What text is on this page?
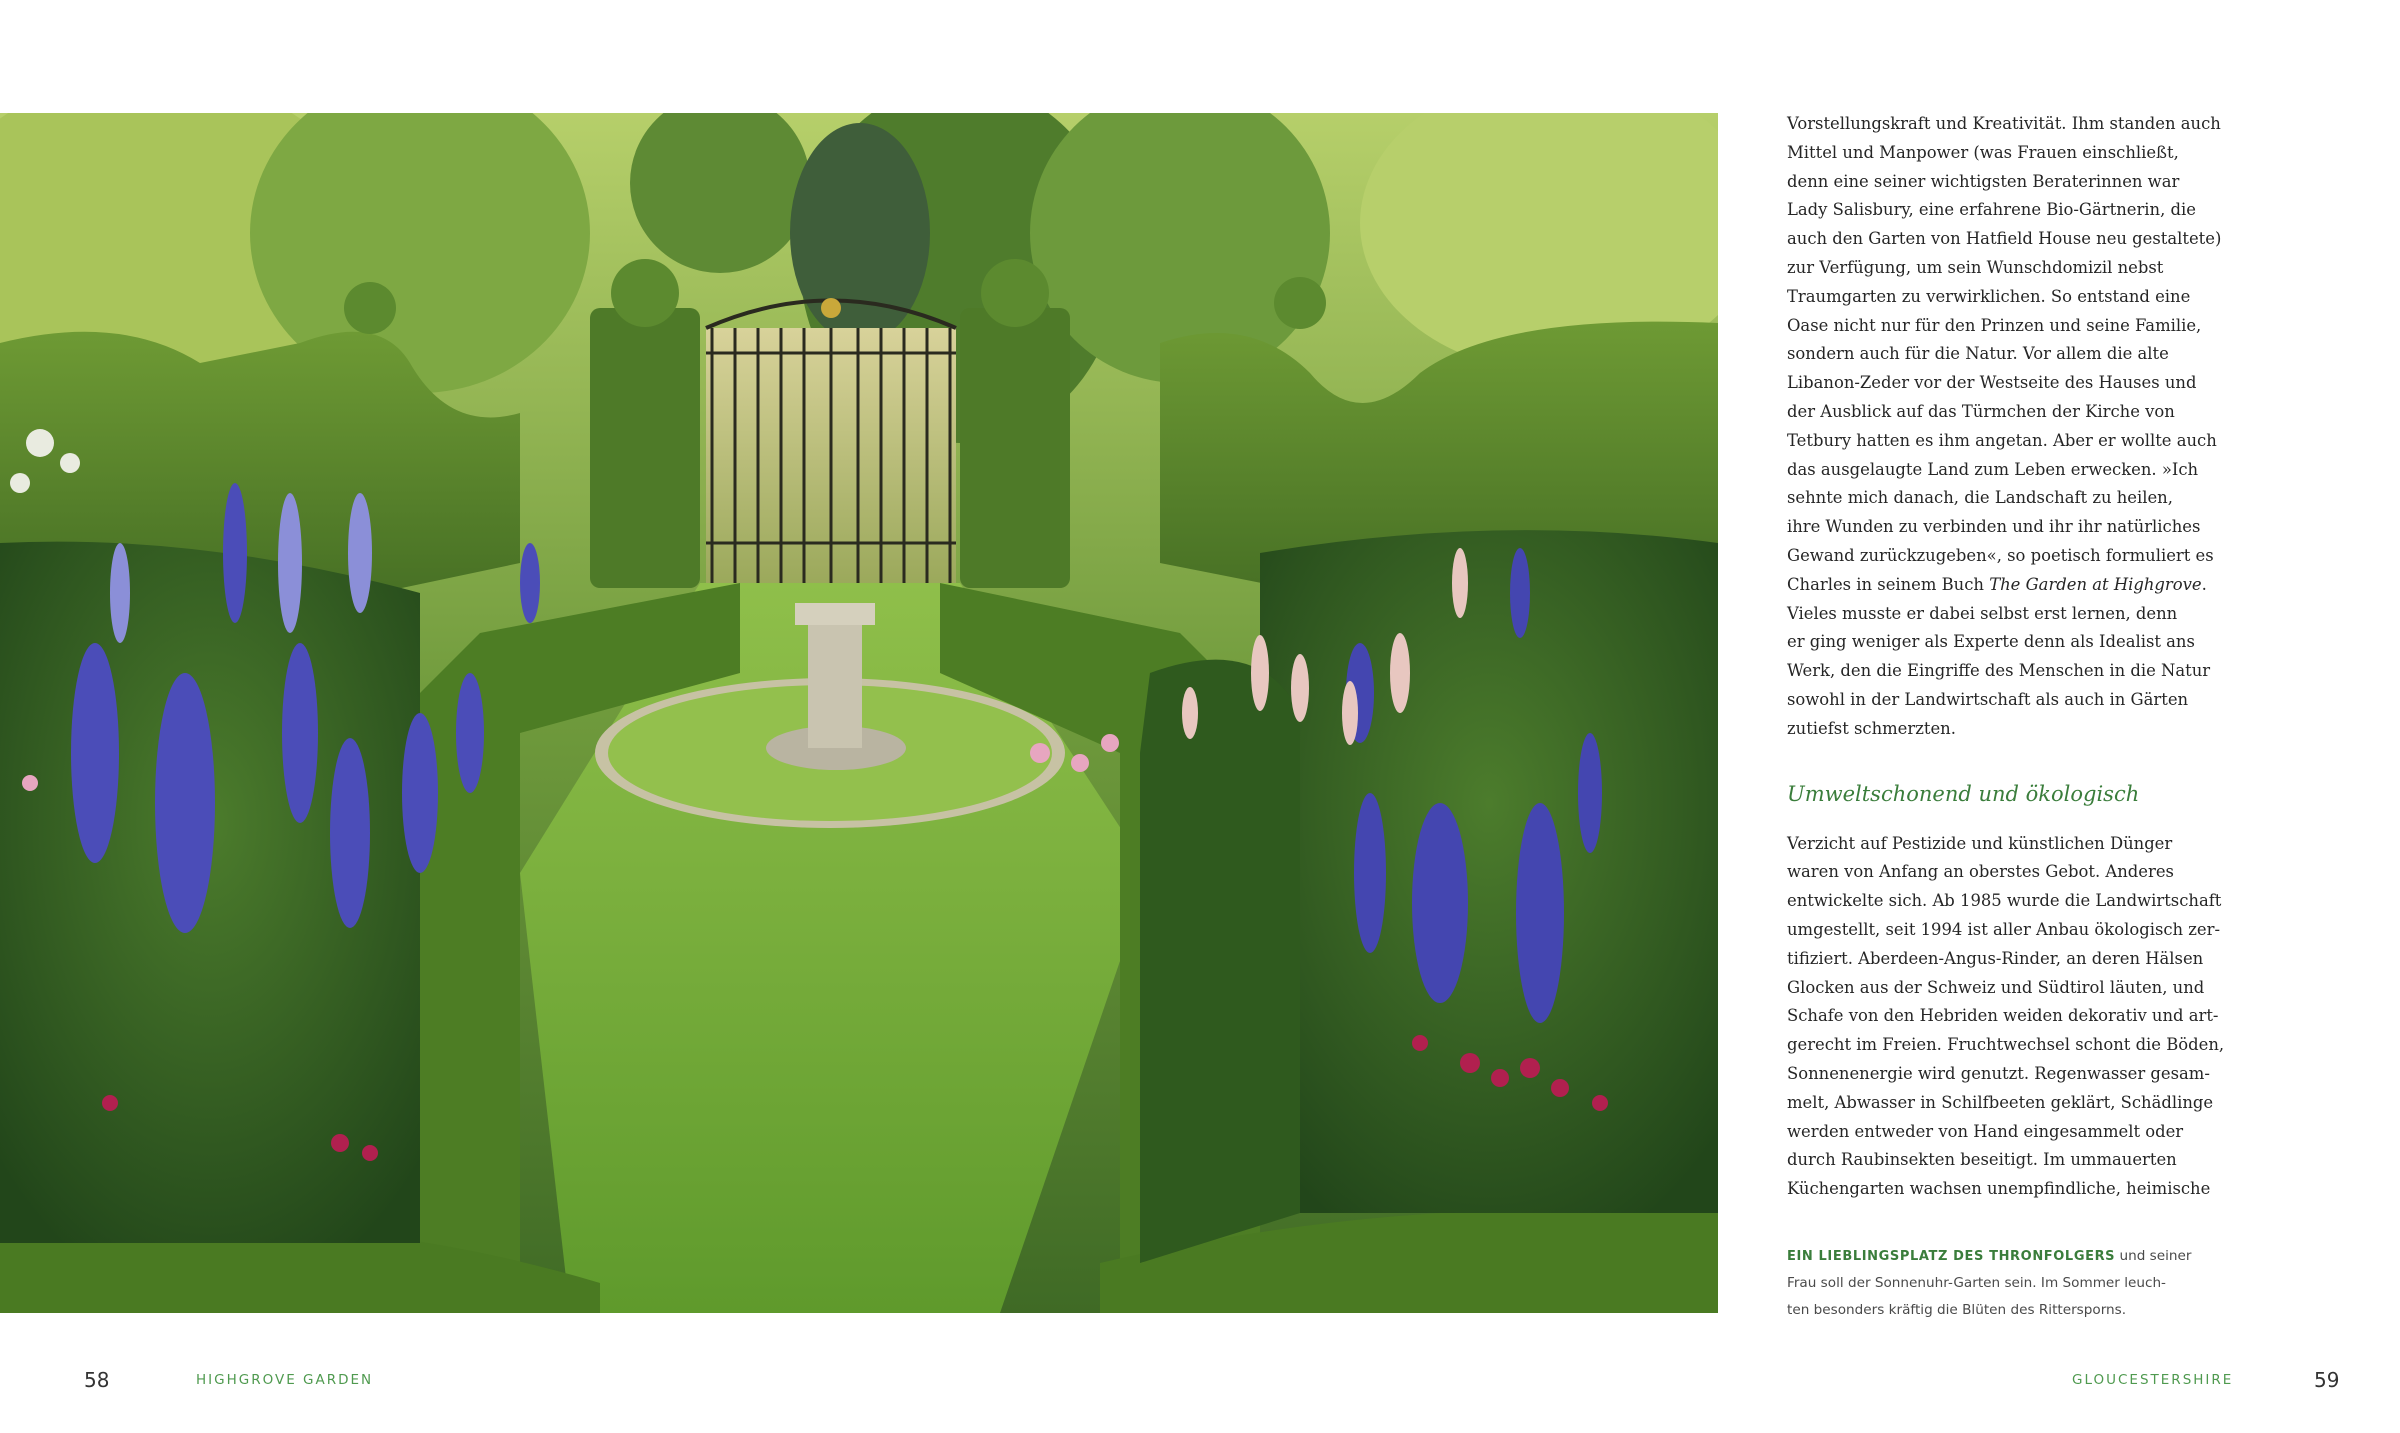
Vorstellungskraft und Kreativität. Ihm standen auch
Mittel und Manpower (was Frauen einschließt,
denn eine seiner wichtigsten Beraterinnen war
Lady Salisbury, eine erfahrene Bio-Gärtnerin, die
auch den Garten von Hatfield House neu gestaltete)
zur Verfügung, um sein Wunschdomizil nebst
Traumgarten zu verwirklichen. So entstand eine
Oase nicht nur für den Prinzen und seine Familie,
sondern auch für die Natur. Vor allem die alte
Libanon-Zeder vor der Westseite des Hauses und
der Ausblick auf das Türmchen der Kirche von
Tetbury hatten es ihm angetan. Aber er wollte auch
das ausgelaugte Land zum Leben erwecken. »Ich
sehnte mich danach, die Landschaft zu heilen,
ihre Wunden zu verbinden und ihr ihr natürliches
Gewand zurückzugeben«, so poetisch formuliert es
Charles in seinem Buch The Garden at Highgrove.
Vieles musste er dabei selbst erst lernen, denn
er ging weniger als Experte denn als Idealist ans
Werk, den die Eingriffe des Menschen in die Natur
sowohl in der Landwirtschaft als auch in Gärten
zutiefst schmerzten.
Umweltschonend und ökologisch
Verzicht auf Pestizide und künstlichen Dünger
waren von Anfang an oberstes Gebot. Anderes
entwickelte sich. Ab 1985 wurde die Landwirtschaft
umgestellt, seit 1994 ist aller Anbau ökologisch zer-
tifiziert. Aberdeen-Angus-Rinder, an deren Hälsen
Glocken aus der Schweiz und Südtirol läuten, und
Schafe von den Hebriden weiden dekorativ und art-
gerecht im Freien. Fruchtwechsel schont die Böden,
Sonnenenergie wird genutzt. Regenwasser gesam-
melt, Abwasser in Schilfbeeten geklärt, Schädlinge
werden entweder von Hand eingesammelt oder
durch Raubinsekten beseitigt. Im ummauerten
Küchengarten wachsen unempfindliche, heimische
EIN LIEBLINGSPLATZ DES THRONFOLGERS und seiner
Frau soll der Sonnenuhr-Garten sein. Im Sommer leuch-
ten besonders kräftig die Blüten des Rittersporns.
58	HIGHGROVE GARDEN	GLOUCESTERSHIRE	59
